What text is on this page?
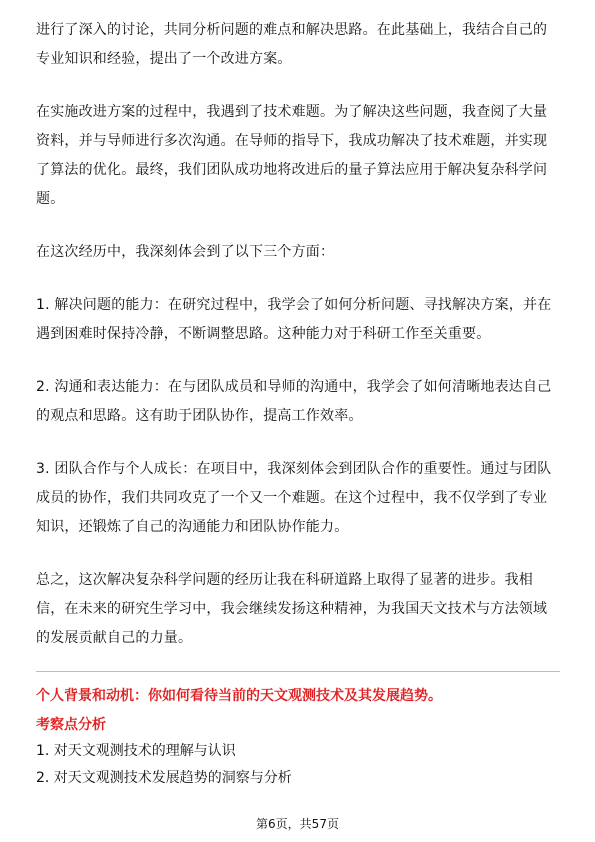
进行了深入的讨论，共同分析问题的难点和解决思路。在此基础上，我结合自己的专业知识和经验，提出了一个改进方案。

在实施改进方案的过程中，我遇到了技术难题。为了解决这些问题，我查阅了大量资料，并与导师进行多次沟通。在导师的指导下，我成功解决了技术难题，并实现了算法的优化。最终，我们团队成功地将改进后的量子算法应用于解决复杂科学问题。

在这次经历中，我深刻体会到了以下三个方面：

1. 解决问题的能力：在研究过程中，我学会了如何分析问题、寻找解决方案，并在遇到困难时保持冷静，不断调整思路。这种能力对于科研工作至关重要。

2. 沟通和表达能力：在与团队成员和导师的沟通中，我学会了如何清晰地表达自己的观点和思路。这有助于团队协作，提高工作效率。

3. 团队合作与个人成长：在项目中，我深刻体会到团队合作的重要性。通过与团队成员的协作，我们共同攻克了一个又一个难题。在这个过程中，我不仅学到了专业知识，还锻炼了自己的沟通能力和团队协作能力。

总之，这次解决复杂科学问题的经历让我在科研道路上取得了显著的进步。我相信，在未来的研究生学习中，我会继续发扬这种精神，为我国天文技术与方法领域的发展贡献自己的力量。

个人背景和动机：你如何看待当前的天文观测技术及其发展趋势。

考察点分析

1. 对天文观测技术的理解与认识
2. 对天文观测技术发展趋势的洞察与分析
第6页，共57页
